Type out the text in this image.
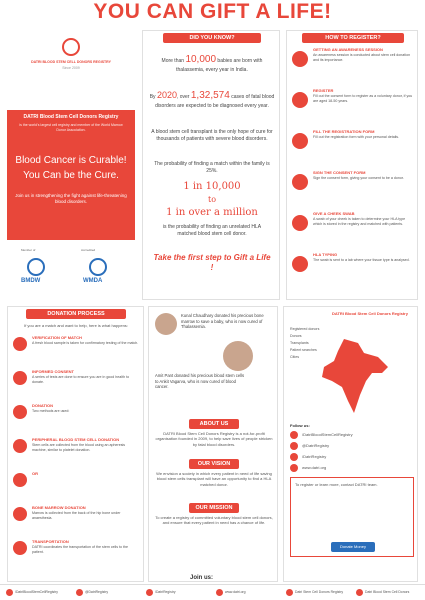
YOU CAN GIFT A LIFE!
DATRI BLOOD STEM CELL DONORS REGISTRY
Since 2009
DATRI Blood Stem Cell Donors Registry
is the world's largest cell registry and member of the World Marrow Donor Association.
Blood Cancer is Curable!
You Can be the Cure.
Join us in strengthening the fight against life-threatening blood disorders.
Member of	Accredited
BMDW	WMDA
DID YOU KNOW?
More than 10,000 babies are born with thalassemia, every year in India.
By 2020, over 1,32,574 cases of fatal blood disorders are expected to be diagnosed every year.
A blood stem cell transplant is the only hope of cure for thousands of patients with severe blood disorders.
The probability of finding a match within the family is 25%.
1 in 10,000
to
1 in over a million
is the probability of finding an unrelated HLA matched blood stem cell donor.
Take the first step to Gift a Life !
HOW TO REGISTER?
GETTING AN AWARENESS SESSION
An awareness session is conducted about stem cell donation and its importance.
REGISTER
Fill out the consent form to register as a voluntary donor, if you are aged 18-50 years.
FILL THE REGISTRATION FORM
Fill out the registration form with your personal details.
SIGN THE CONSENT FORM
Sign the consent form, giving your consent to be a donor.
GIVE A CHEEK SWAB
A swab of your cheek is taken to determine your HLA type which is stored in the registry and matched with patients.
HLA TYPING
The swab is sent to a lab where your tissue type is analysed.
DONATION PROCESS
If you are a match and want to help, here is what happens:
VERIFICATION OF MATCH
A fresh blood sample is taken for confirmatory testing of the match.
INFORMED CONSENT
A series of tests are done to ensure you are in good health to donate.
DONATION
Two methods are used:
PERIPHERAL BLOOD STEM CELL DONATION
Stem cells are collected from the blood using an apheresis machine, similar to platelet donation.
OR
BONE MARROW DONATION
Marrow is collected from the back of the hip bone under anaesthesia.
TRANSPORTATION
DATRI coordinates the transportation of the stem cells to the patient.
Kunal Chaudhary donated his precious bone marrow to save a baby, who is now cured of Thalassemia.
Amit Pant donated his precious blood stem cells to Ankit Vagarva, who is now cured of blood cancer.
ABOUT US
DATRI Blood Stem Cell Donors Registry is a not-for-profit organisation founded in 2009, to help save lives of people stricken by fatal blood disorders.
OUR VISION
We envision a society in which every patient in need of life saving blood stem cells transplant will have an opportunity to find a HLA matched donor.
OUR MISSION
To create a registry of committed voluntary blood stem cell donors, and ensure that every patient in need has a chance of life.
DATRI Blood Stem Cell Donors Registry
Registered donors
Donors
Transplants
Patient searches
Cities
Follow us:
/DatriBloodStemCellRegistry
@DatriRegistry
/DatriRegistry
www.datri.org
To register or learn more, contact DATRI team.
Donate Money
Join us:
/DatriBloodStemCellRegistry	@DatriRegistry	/DatriRegistry	www.datri.org	Datri Stem Cell Donors Registry	Datri Blood Stem Cell Donors
